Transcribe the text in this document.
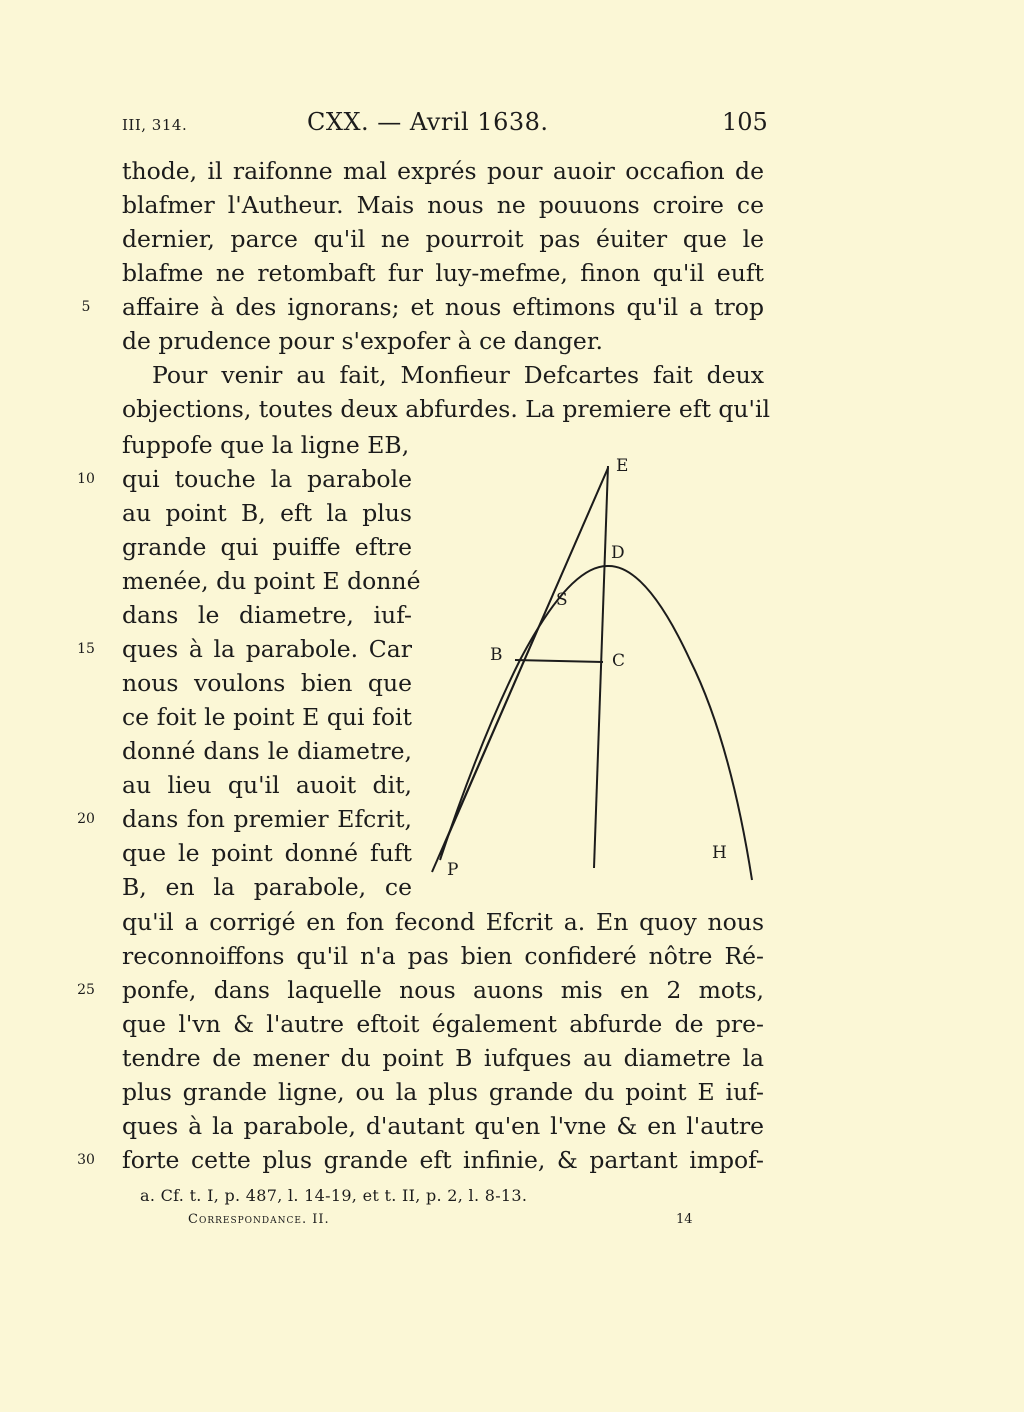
III, 314.	CXX. — Avril 1638.	105
thode, il raifonne mal exprés pour auoir occafion de
blafmer l'Autheur. Mais nous ne pouuons croire ce
dernier, parce qu'il ne pourroit pas éuiter que le
blafme ne retombaft fur luy-mefme, finon qu'il euft
affaire à des ignorans; et nous eftimons qu'il a trop
de prudence pour s'expofer à ce danger.
Pour venir au fait, Monfieur Defcartes fait deux
objections, toutes deux abfurdes. La premiere eft qu'il
fuppofe que la ligne EB,
qui touche la parabole
au point B, eft la plus
grande qui puiffe eftre
menée, du point E donné
dans le diametre, iuf-
ques à la parabole. Car
nous voulons bien que
ce foit le point E qui foit
donné dans le diametre,
au lieu qu'il auoit dit,
dans fon premier Efcrit,
que le point donné fuft
B, en la parabole, ce
qu'il a corrigé en fon fecond Efcrit a. En quoy nous
reconnoiffons qu'il n'a pas bien confideré nôtre Ré-
ponfe, dans laquelle nous auons mis en 2 mots,
que l'vn & l'autre eftoit également abfurde de pre-
tendre de mener du point B iufques au diametre la
plus grande ligne, ou la plus grande du point E iuf-
ques à la parabole, d'autant qu'en l'vne & en l'autre
forte cette plus grande eft infinie, & partant impof-
5
10
15
20
25
30
E
D
S
B	C
P
H
a. Cf. t. I, p. 487, l. 14-19, et t. II, p. 2, l. 8-13.
Correspondance. II.	14
